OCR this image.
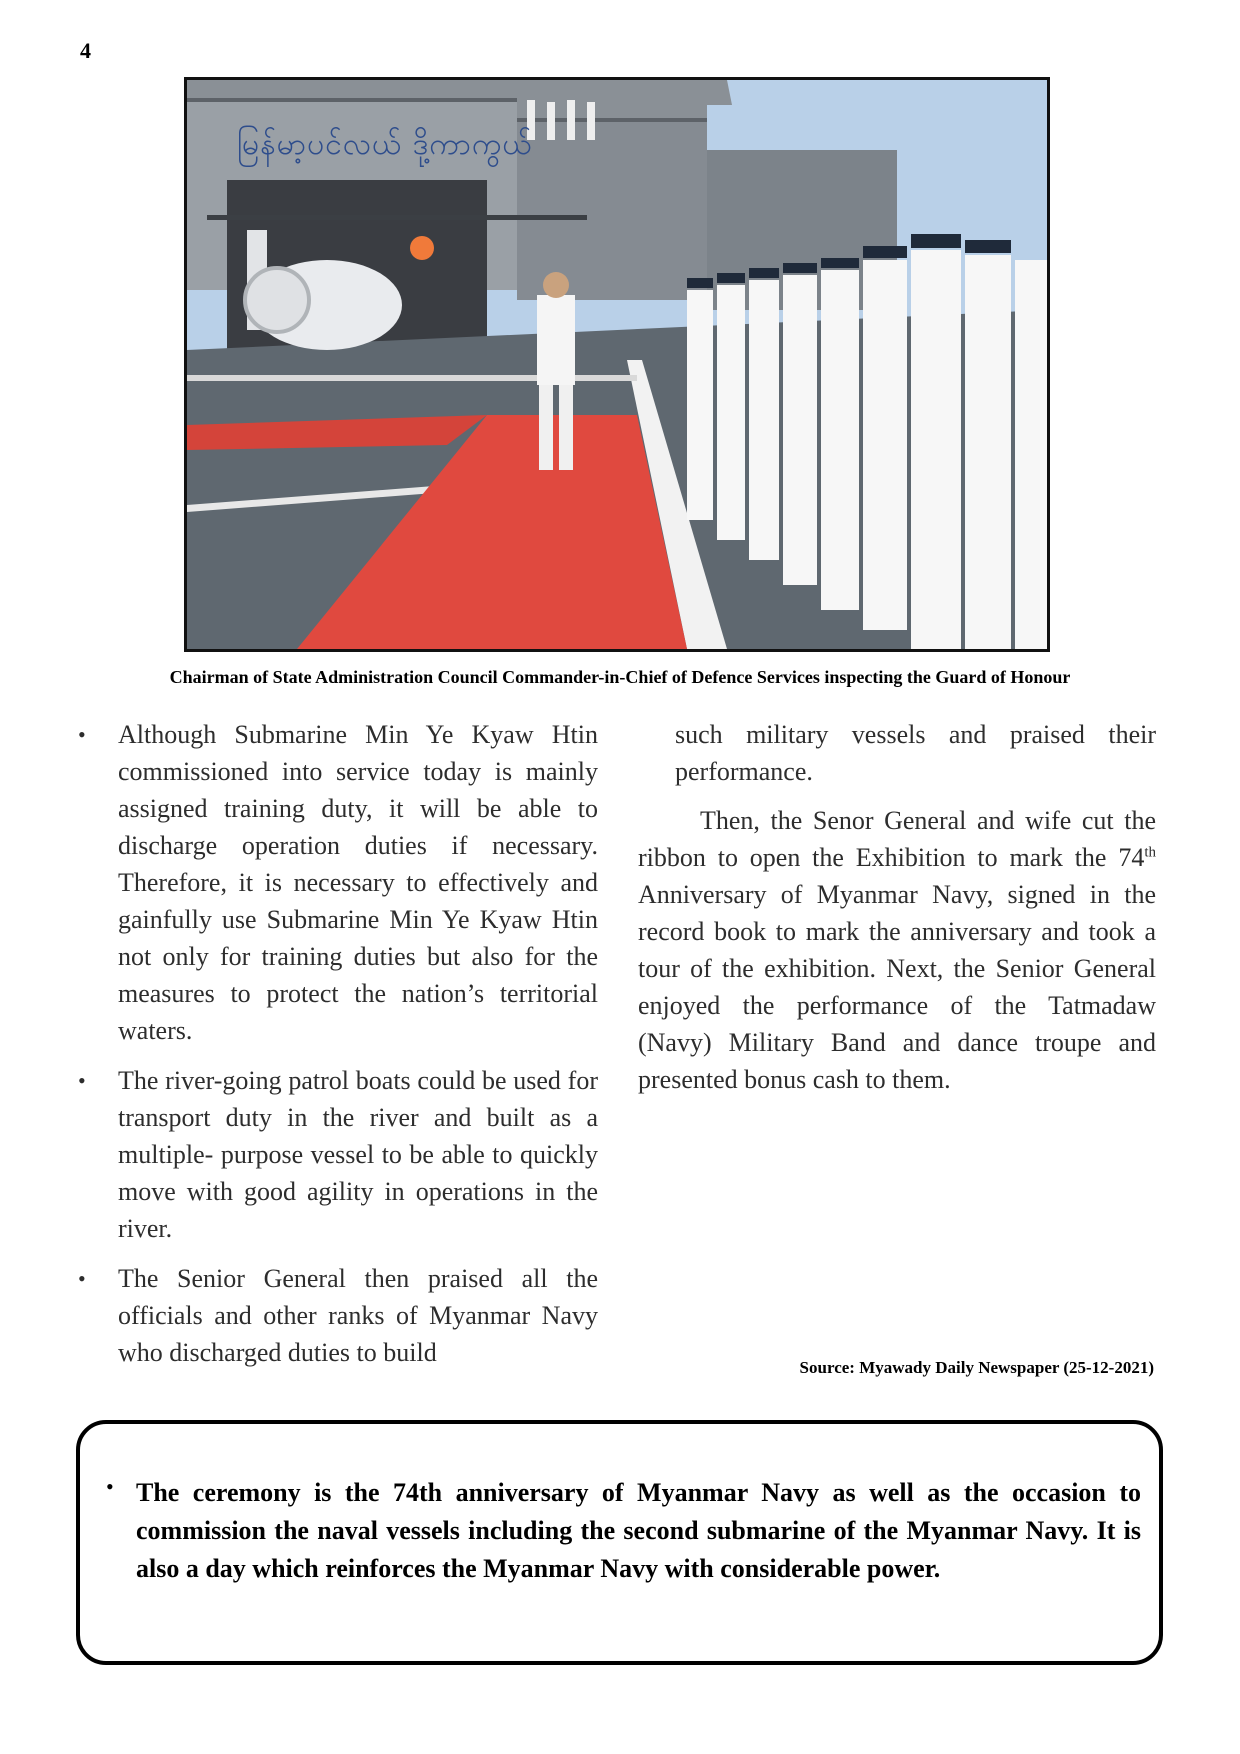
4
မြန်မာ့ပင်လယ် ဒို့ကာကွယ်
Chairman of State Administration Council Commander-in-Chief of Defence Services inspecting the Guard of Honour
• Although Submarine Min Ye Kyaw Htin commissioned into service today is mainly assigned training duty, it will be able to discharge operation duties if necessary. Therefore, it is necessary to effectively and gainfully use Submarine Min Ye Kyaw Htin not only for training duties but also for the measures to protect the nation’s territorial waters.
• The river-going patrol boats could be used for transport duty in the river and built as a multiple- purpose vessel to be able to quickly move with good agility in operations in the river.
• The Senior General then praised all the officials and other ranks of Myanmar Navy who discharged duties to build

such military vessels and praised their performance.

Then, the Senor General and wife cut the ribbon to open the Exhibition to mark the 74th Anniversary of Myanmar Navy, signed in the record book to mark the anniversary and took a tour of the exhibition. Next, the Senior General enjoyed the performance of the Tatmadaw (Navy) Military Band and dance troupe and presented bonus cash to them.

Source: Myawady Daily Newspaper (25-12-2021)
• The ceremony is the 74th anniversary of Myanmar Navy as well as the occasion to commission the naval vessels including the second submarine of the Myanmar Navy. It is also a day which reinforces the Myanmar Navy with considerable power.
